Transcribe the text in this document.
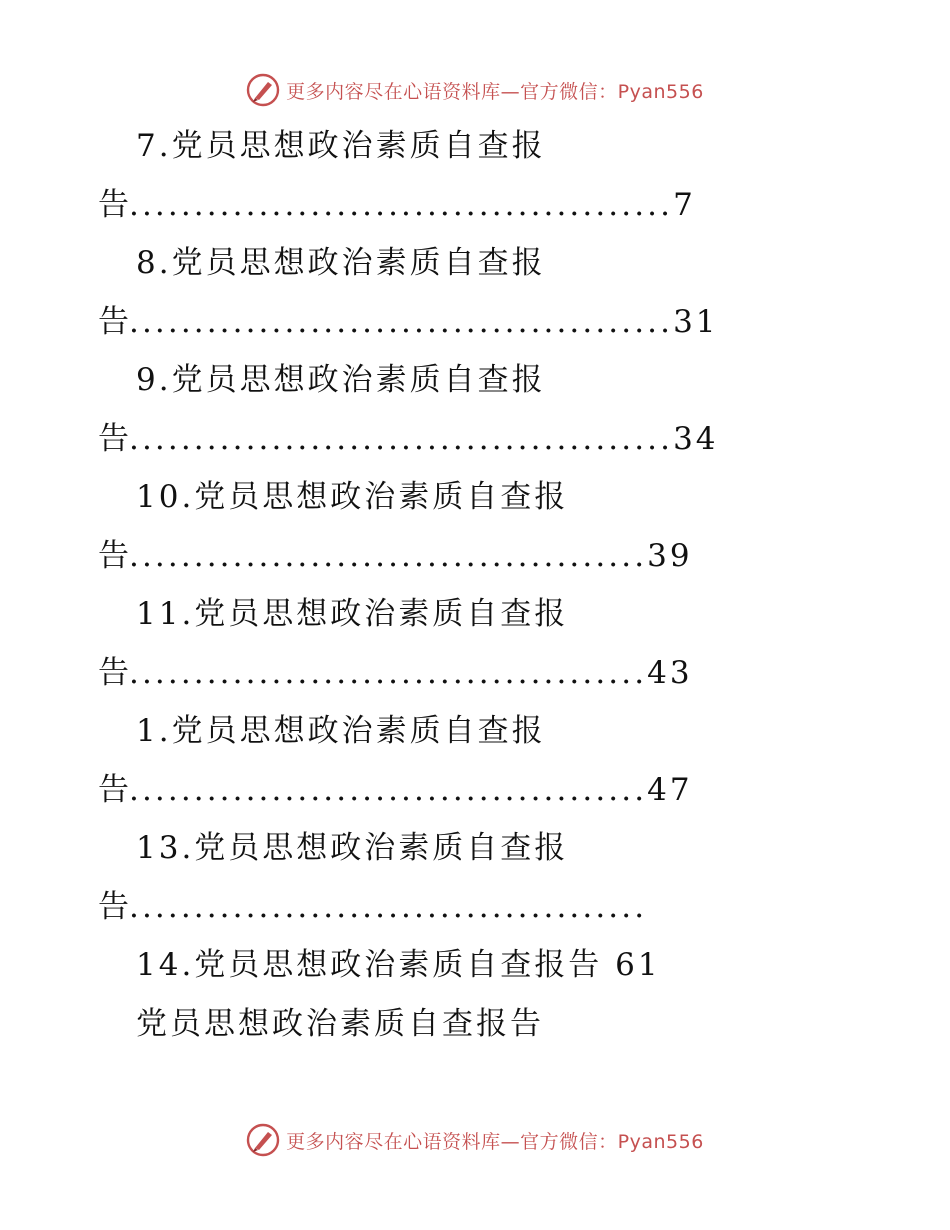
更多内容尽在心语资料库—官方微信：Pyan556
7.党员思想政治素质自查报
告..........................................7
8.党员思想政治素质自查报
告..........................................31
9.党员思想政治素质自查报
告..........................................34
10.党员思想政治素质自查报
告........................................39
11.党员思想政治素质自查报
告........................................43
1.党员思想政治素质自查报
告........................................47
13.党员思想政治素质自查报
告........................................
14.党员思想政治素质自查报告 61
党员思想政治素质自查报告
更多内容尽在心语资料库—官方微信：Pyan556
